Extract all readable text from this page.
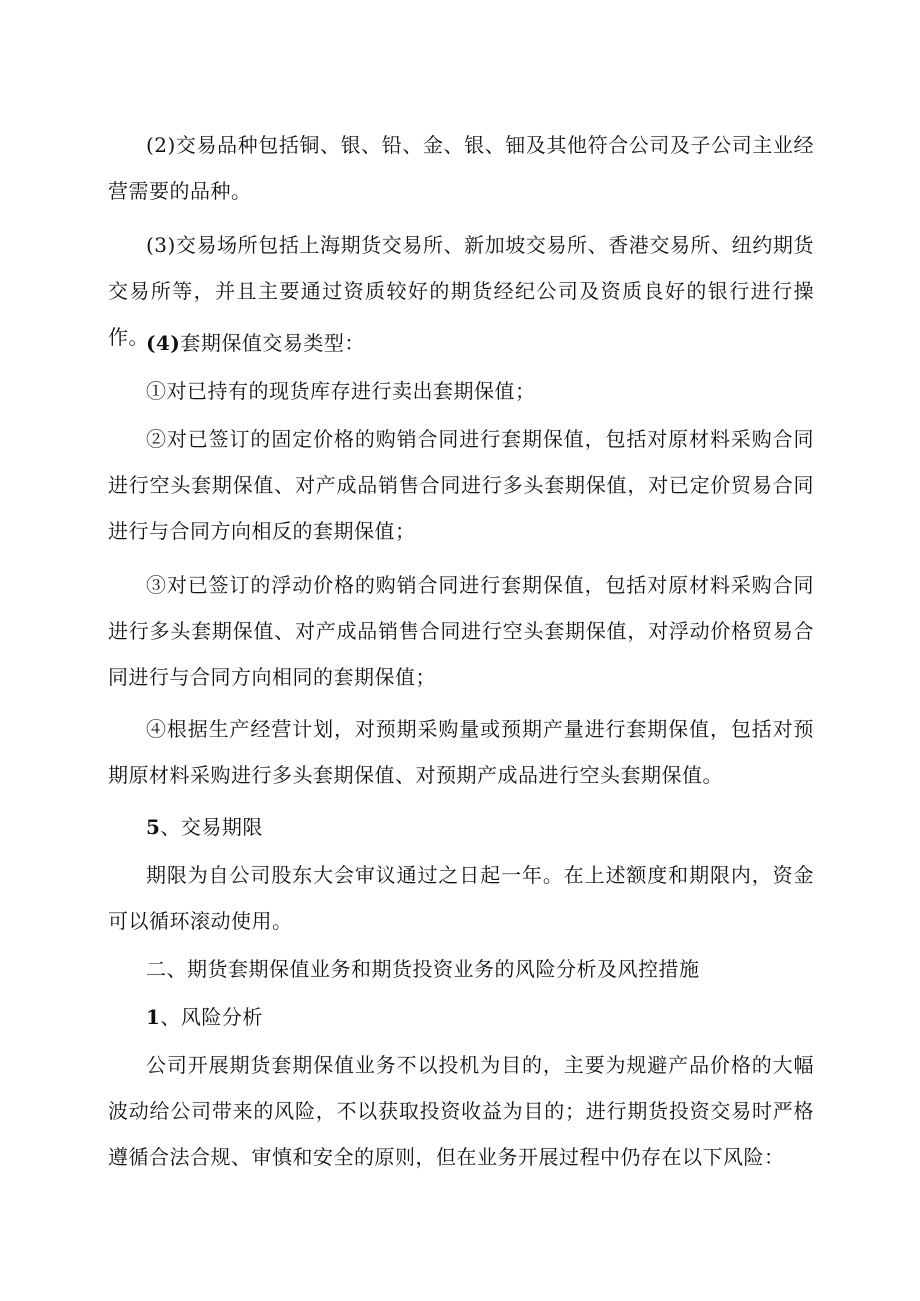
(2)交易品种包括铜、银、铅、金、银、钿及其他符合公司及子公司主业经营需要的品种。

(3)交易场所包括上海期货交易所、新加坡交易所、香港交易所、纽约期货交易所等，并且主要通过资质较好的期货经纪公司及资质良好的银行进行操作。

(4)套期保值交易类型：

①对已持有的现货库存进行卖出套期保值；

②对已签订的固定价格的购销合同进行套期保值，包括对原材料采购合同进行空头套期保值、对产成品销售合同进行多头套期保值，对已定价贸易合同进行与合同方向相反的套期保值；

③对已签订的浮动价格的购销合同进行套期保值，包括对原材料采购合同进行多头套期保值、对产成品销售合同进行空头套期保值，对浮动价格贸易合同进行与合同方向相同的套期保值；

④根据生产经营计划，对预期采购量或预期产量进行套期保值，包括对预期原材料采购进行多头套期保值、对预期产成品进行空头套期保值。

5、交易期限

期限为自公司股东大会审议通过之日起一年。在上述额度和期限内，资金可以循环滚动使用。

二、期货套期保值业务和期货投资业务的风险分析及风控措施

1、风险分析

公司开展期货套期保值业务不以投机为目的，主要为规避产品价格的大幅波动给公司带来的风险，不以获取投资收益为目的；进行期货投资交易时严格遵循合法合规、审慎和安全的原则，但在业务开展过程中仍存在以下风险：
